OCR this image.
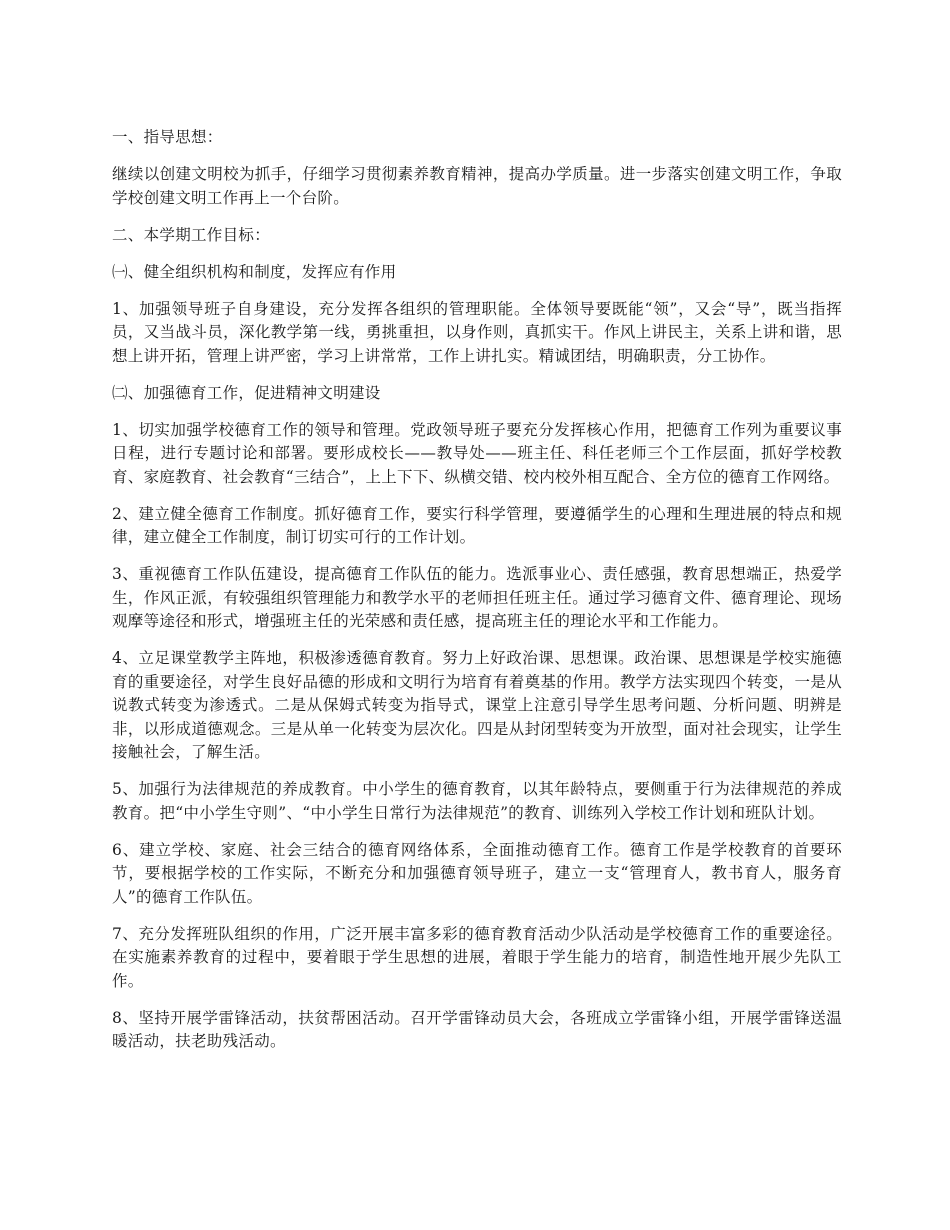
一、指导思想：

继续以创建文明校为抓手，仔细学习贯彻素养教育精神，提高办学质量。进一步落实创建文明工作，争取学校创建文明工作再上一个台阶。

二、本学期工作目标：

㈠、健全组织机构和制度，发挥应有作用

1、加强领导班子自身建设，充分发挥各组织的管理职能。全体领导要既能“领”，又会“导”，既当指挥员，又当战斗员，深化教学第一线，勇挑重担，以身作则，真抓实干。作风上讲民主，关系上讲和谐，思想上讲开拓，管理上讲严密，学习上讲常常，工作上讲扎实。精诚团结，明确职责，分工协作。

㈡、加强德育工作，促进精神文明建设

1、切实加强学校德育工作的领导和管理。党政领导班子要充分发挥核心作用，把德育工作列为重要议事日程，进行专题讨论和部署。要形成校长——教导处——班主任、科任老师三个工作层面，抓好学校教育、家庭教育、社会教育“三结合”，上上下下、纵横交错、校内校外相互配合、全方位的德育工作网络。

2、建立健全德育工作制度。抓好德育工作，要实行科学管理，要遵循学生的心理和生理进展的特点和规律，建立健全工作制度，制订切实可行的工作计划。

3、重视德育工作队伍建设，提高德育工作队伍的能力。选派事业心、责任感强，教育思想端正，热爱学生，作风正派，有较强组织管理能力和教学水平的老师担任班主任。通过学习德育文件、德育理论、现场观摩等途径和形式，增强班主任的光荣感和责任感，提高班主任的理论水平和工作能力。

4、立足课堂教学主阵地，积极渗透德育教育。努力上好政治课、思想课。政治课、思想课是学校实施德育的重要途径，对学生良好品德的形成和文明行为培育有着奠基的作用。教学方法实现四个转变，一是从说教式转变为渗透式。二是从保姆式转变为指导式，课堂上注意引导学生思考问题、分析问题、明辨是非，以形成道德观念。三是从单一化转变为层次化。四是从封闭型转变为开放型，面对社会现实，让学生接触社会，了解生活。

5、加强行为法律规范的养成教育。中小学生的德育教育，以其年龄特点，要侧重于行为法律规范的养成教育。把“中小学生守则”、“中小学生日常行为法律规范”的教育、训练列入学校工作计划和班队计划。

6、建立学校、家庭、社会三结合的德育网络体系，全面推动德育工作。德育工作是学校教育的首要环节，要根据学校的工作实际，不断充分和加强德育领导班子，建立一支“管理育人，教书育人，服务育人”的德育工作队伍。

7、充分发挥班队组织的作用，广泛开展丰富多彩的德育教育活动少队活动是学校德育工作的重要途径。在实施素养教育的过程中，要着眼于学生思想的进展，着眼于学生能力的培育，制造性地开展少先队工作。

8、坚持开展学雷锋活动，扶贫帮困活动。召开学雷锋动员大会，各班成立学雷锋小组，开展学雷锋送温暖活动，扶老助残活动。
